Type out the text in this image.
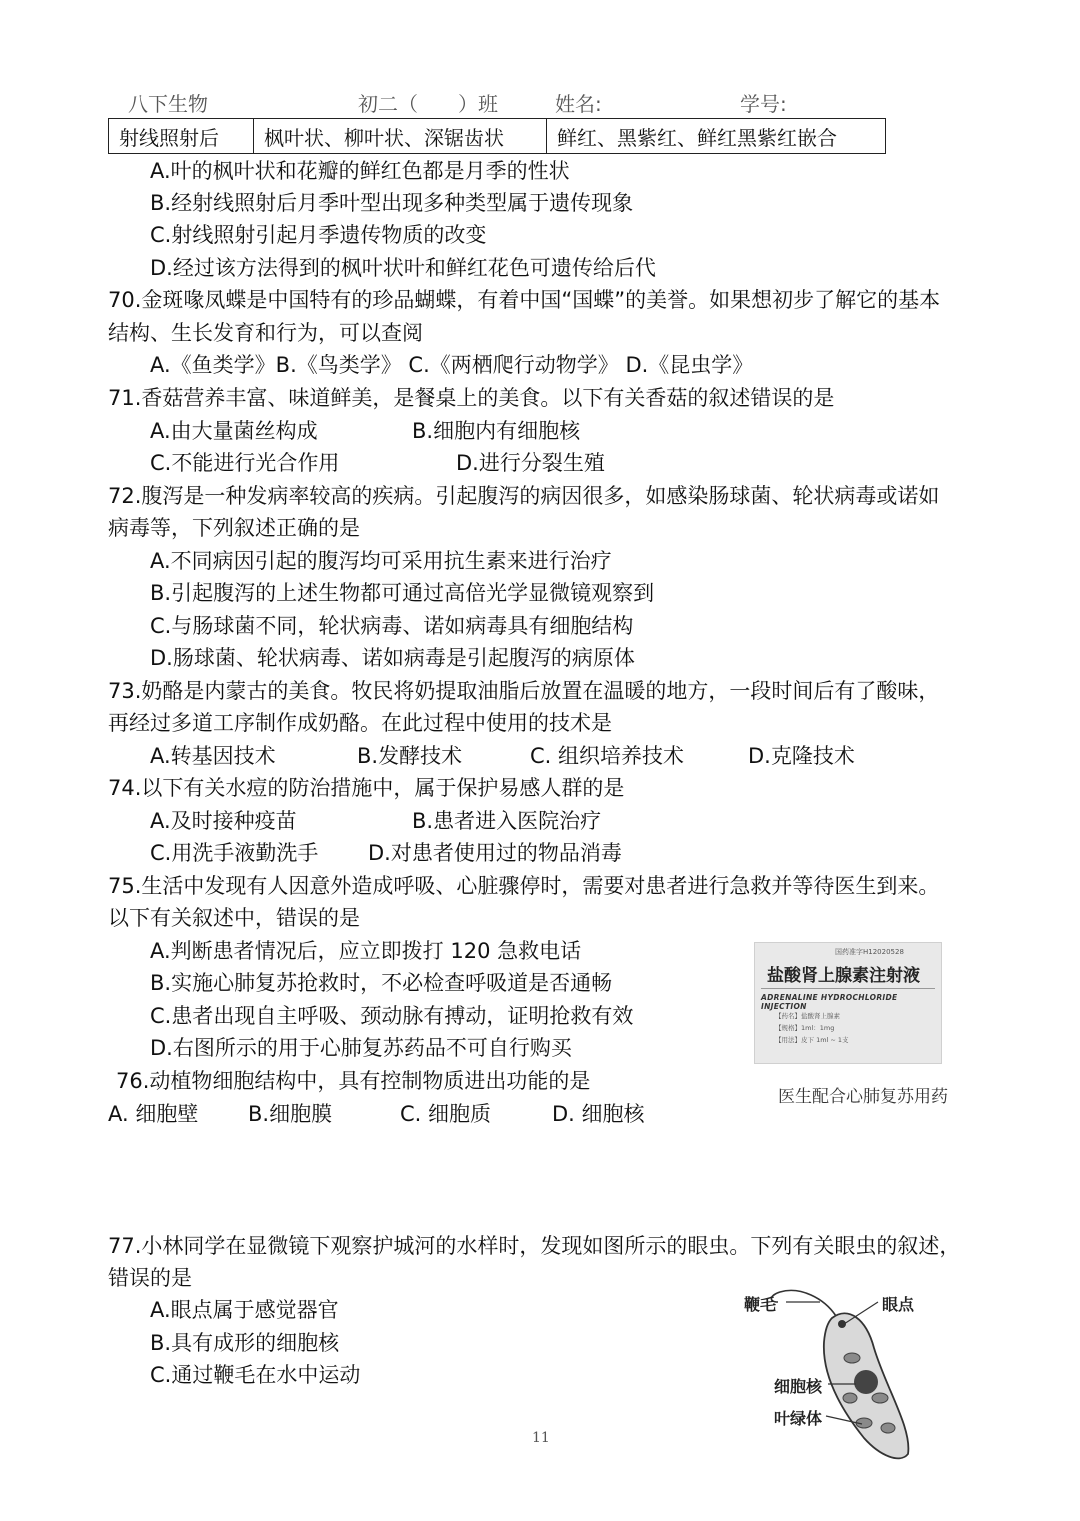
八下生物	初二（　　）班	姓名:	学号:
射线照射后	枫叶状、柳叶状、深锯齿状	鲜红、黑紫红、鲜红黑紫红嵌合
A.叶的枫叶状和花瓣的鲜红色都是月季的性状
B.经射线照射后月季叶型出现多种类型属于遗传现象
C.射线照射引起月季遗传物质的改变
D.经过该方法得到的枫叶状叶和鲜红花色可遗传给后代
70.金斑喙凤蝶是中国特有的珍品蝴蝶，有着中国“国蝶”的美誉。如果想初步了解它的基本
结构、生长发育和行为，可以查阅
A.《鱼类学》B.《鸟类学》 C.《两栖爬行动物学》 D.《昆虫学》
71.香菇营养丰富、味道鲜美，是餐桌上的美食。以下有关香菇的叙述错误的是
A.由大量菌丝构成	B.细胞内有细胞核
C.不能进行光合作用	D.进行分裂生殖
72.腹泻是一种发病率较高的疾病。引起腹泻的病因很多，如感染肠球菌、轮状病毒或诺如
病毒等，下列叙述正确的是
A.不同病因引起的腹泻均可采用抗生素来进行治疗
B.引起腹泻的上述生物都可通过高倍光学显微镜观察到
C.与肠球菌不同，轮状病毒、诺如病毒具有细胞结构
D.肠球菌、轮状病毒、诺如病毒是引起腹泻的病原体
73.奶酪是内蒙古的美食。牧民将奶提取油脂后放置在温暖的地方，一段时间后有了酸味，
再经过多道工序制作成奶酪。在此过程中使用的技术是
A.转基因技术	B.发酵技术	C. 组织培养技术	D.克隆技术
74.以下有关水痘的防治措施中，属于保护易感人群的是
A.及时接种疫苗	B.患者进入医院治疗
C.用洗手液勤洗手 D.对患者使用过的物品消毒
75.生活中发现有人因意外造成呼吸、心脏骤停时，需要对患者进行急救并等待医生到来。
以下有关叙述中，错误的是
A.判断患者情况后，应立即拨打 120 急救电话
B.实施心肺复苏抢救时，不必检查呼吸道是否通畅
C.患者出现自主呼吸、颈动脉有搏动，证明抢救有效
D.右图所示的用于心肺复苏药品不可自行购买
国药准字H12020528
盐酸肾上腺素注射液
ADRENALINE HYDROCHLORIDE INJECTION
【药名】盐酸肾上腺素
【规格】1ml：1mg
【用法】皮下 1ml ~ 1支
医生配合心肺复苏用药
76.动植物细胞结构中，具有控制物质进出功能的是
A. 细胞壁 B.细胞膜	C. 细胞质	D. 细胞核
77.小林同学在显微镜下观察护城河的水样时，发现如图所示的眼虫。下列有关眼虫的叙述，
错误的是
A.眼点属于感觉器官
B.具有成形的细胞核
C.通过鞭毛在水中运动
鞭毛	眼点
细胞核
叶绿体
11
